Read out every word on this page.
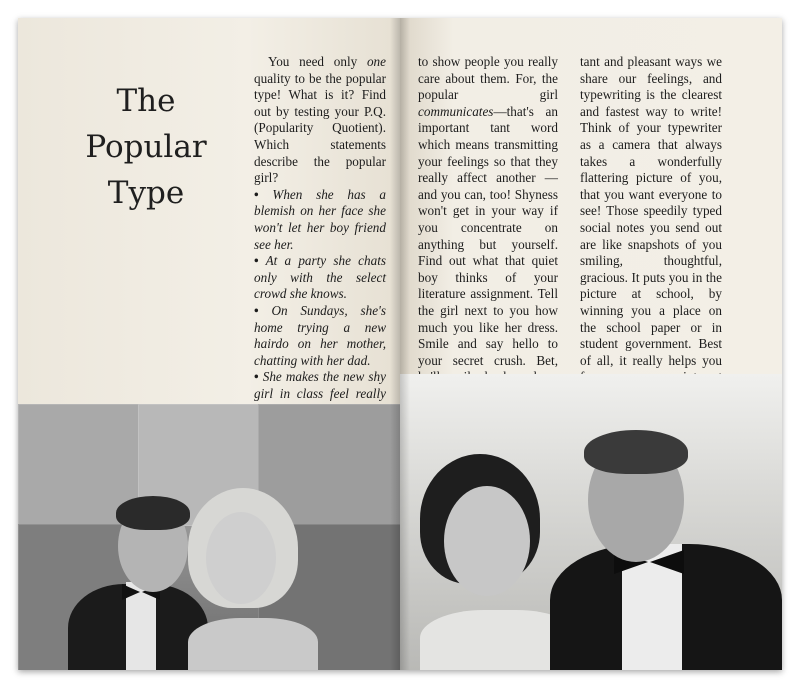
The
Popular
Type

You need only one quality to be the popular type! What is it? Find out by testing your P.Q. (Popularity Quotient). Which statements describe the popular girl?

• When she has a blemish on her face she won't let her boy friend see her.

• At a party she chats only with the select crowd she knows.

• On Sundays, she's home trying a new hairdo on her mother, chatting with her dad.

• She makes the new shy girl in class feel really

to show people you really care about them. For, the popular girl communicates—that's an important tant word which means transmitting your feelings so that they really affect another — and you can, too! Shyness won't get in your way if you concentrate on anything but yourself. Find out what that quiet boy thinks of your literature assignment. Tell the girl next to you how much you like her dress. Smile and say hello to your secret crush. Bet,

tant and pleasant ways we share our feelings, and typewriting is the clearest and fastest way to write! Think of your typewriter as a camera that always takes a wonderfully flattering picture of you, that you want everyone to see! Those speedily typed social notes you send out are like snapshots of you smiling, thoughtful, gracious. It puts you in the picture at school, by winning you a place on the school paper or in student government. Best of all, it really helps you
